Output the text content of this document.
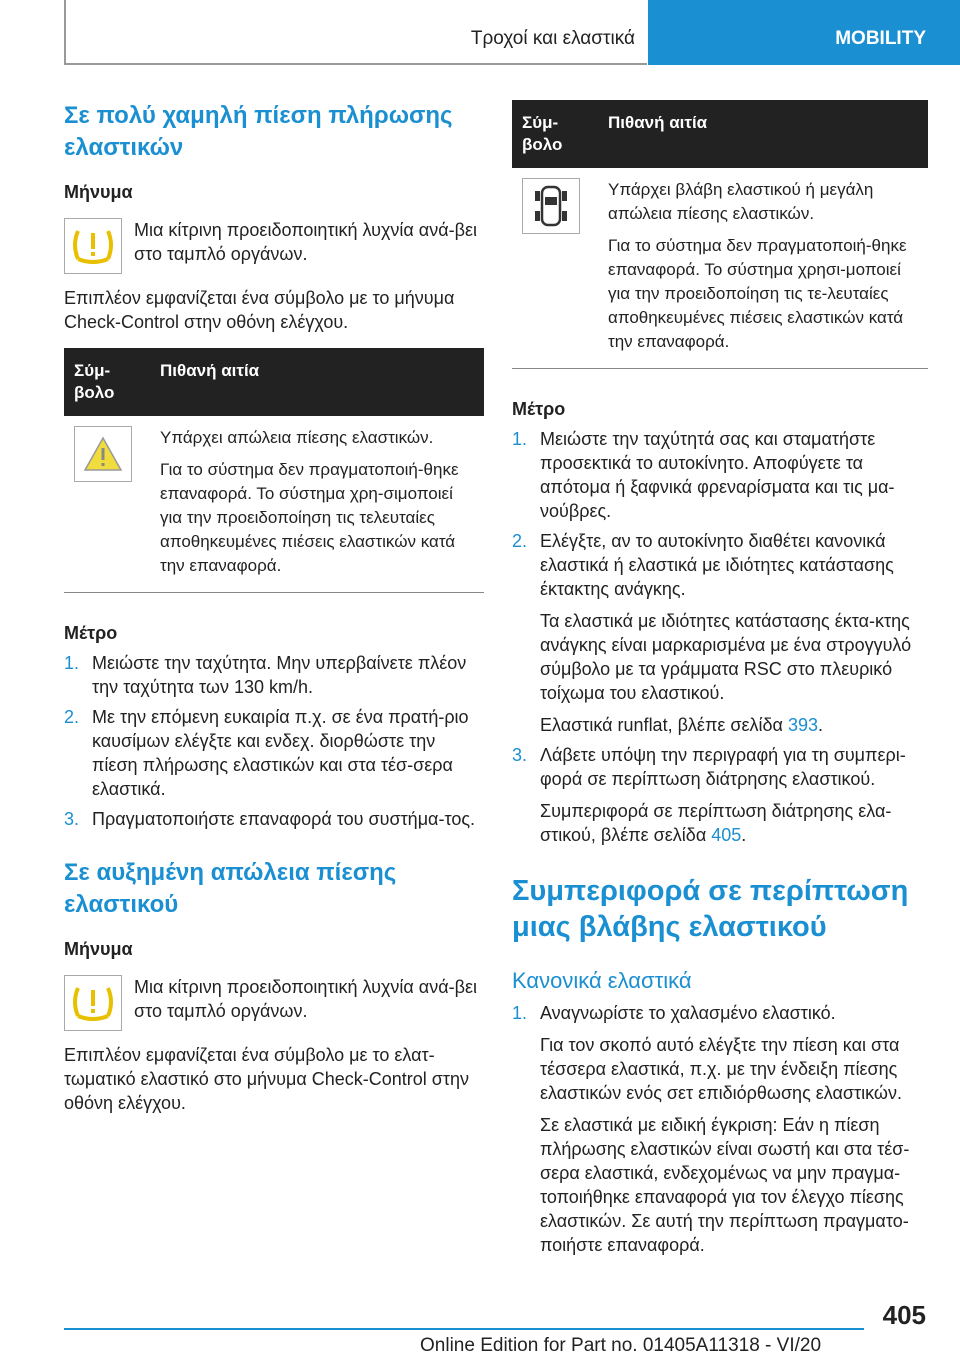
Τροχοί και ελαστικά	MOBILITY
Σε πολύ χαμηλή πίεση πλήρωσης ελαστικών

Μήνυμα

Μια κίτρινη προειδοποιητική λυχνία ανά-βει στο ταμπλό οργάνων.

Επιπλέον εμφανίζεται ένα σύμβολο με το μήνυμα Check-Control στην οθόνη ελέγχου.

Σύμ-βολο	Πιθανή αιτία

Υπάρχει απώλεια πίεσης ελαστικών.

Για το σύστημα δεν πραγματοποιή-θηκε επαναφορά. Το σύστημα χρη-σιμοποιεί για την προειδοποίηση τις τελευταίες αποθηκευμένες πιέσεις ελαστικών κατά την επαναφορά.

Μέτρο

1. Μειώστε την ταχύτητα. Μην υπερβαίνετε πλέον την ταχύτητα των 130 km/h.

2. Με την επόμενη ευκαιρία π.χ. σε ένα πρατή-ριο καυσίμων ελέγξτε και ενδεχ. διορθώστε την πίεση πλήρωσης ελαστικών και στα τέσ-σερα ελαστικά.

3. Πραγματοποιήστε επαναφορά του συστήμα-τος.

Σε αυξημένη απώλεια πίεσης ελαστικού

Μήνυμα

Μια κίτρινη προειδοποιητική λυχνία ανά-βει στο ταμπλό οργάνων.

Επιπλέον εμφανίζεται ένα σύμβολο με το ελατ-τωματικό ελαστικό στο μήνυμα Check-Control στην οθόνη ελέγχου.

Σύμ-βολο	Πιθανή αιτία

Υπάρχει βλάβη ελαστικού ή μεγάλη απώλεια πίεσης ελαστικών.

Για το σύστημα δεν πραγματοποιή-θηκε επαναφορά. Το σύστημα χρησι-μοποιεί για την προειδοποίηση τις τε-λευταίες αποθηκευμένες πιέσεις ελαστικών κατά την επαναφορά.

Μέτρο

1. Μειώστε την ταχύτητά σας και σταματήστε προσεκτικά το αυτοκίνητο. Αποφύγετε τα απότομα ή ξαφνικά φρεναρίσματα και τις μα-νούβρες.

2. Ελέγξτε, αν το αυτοκίνητο διαθέτει κανονικά ελαστικά ή ελαστικά με ιδιότητες κατάστασης έκτακτης ανάγκης.

Τα ελαστικά με ιδιότητες κατάστασης έκτα-κτης ανάγκης είναι μαρκαρισμένα με ένα στρογγυλό σύμβολο με τα γράμματα RSC στο πλευρικό τοίχωμα του ελαστικού.

Ελαστικά runflat, βλέπε σελίδα 393.

3. Λάβετε υπόψη την περιγραφή για τη συμπερι-φορά σε περίπτωση διάτρησης ελαστικού.

Συμπεριφορά σε περίπτωση διάτρησης ελα-στικού, βλέπε σελίδα 405.

Συμπεριφορά σε περίπτωση μιας βλάβης ελαστικού
Κανονικά ελαστικά
1. Αναγνωρίστε το χαλασμένο ελαστικό.

Για τον σκοπό αυτό ελέγξτε την πίεση και στα τέσσερα ελαστικά, π.χ. με την ένδειξη πίεσης ελαστικών ενός σετ επιδιόρθωσης ελαστικών.

Σε ελαστικά με ειδική έγκριση: Εάν η πίεση πλήρωσης ελαστικών είναι σωστή και στα τέσ-σερα ελαστικά, ενδεχομένως να μην πραγμα-τοποιήθηκε επαναφορά για τον έλεγχο πίεσης ελαστικών. Σε αυτή την περίπτωση πραγματο-ποιήστε επαναφορά.

405
Online Edition for Part no. 01405A11318 - VI/20
